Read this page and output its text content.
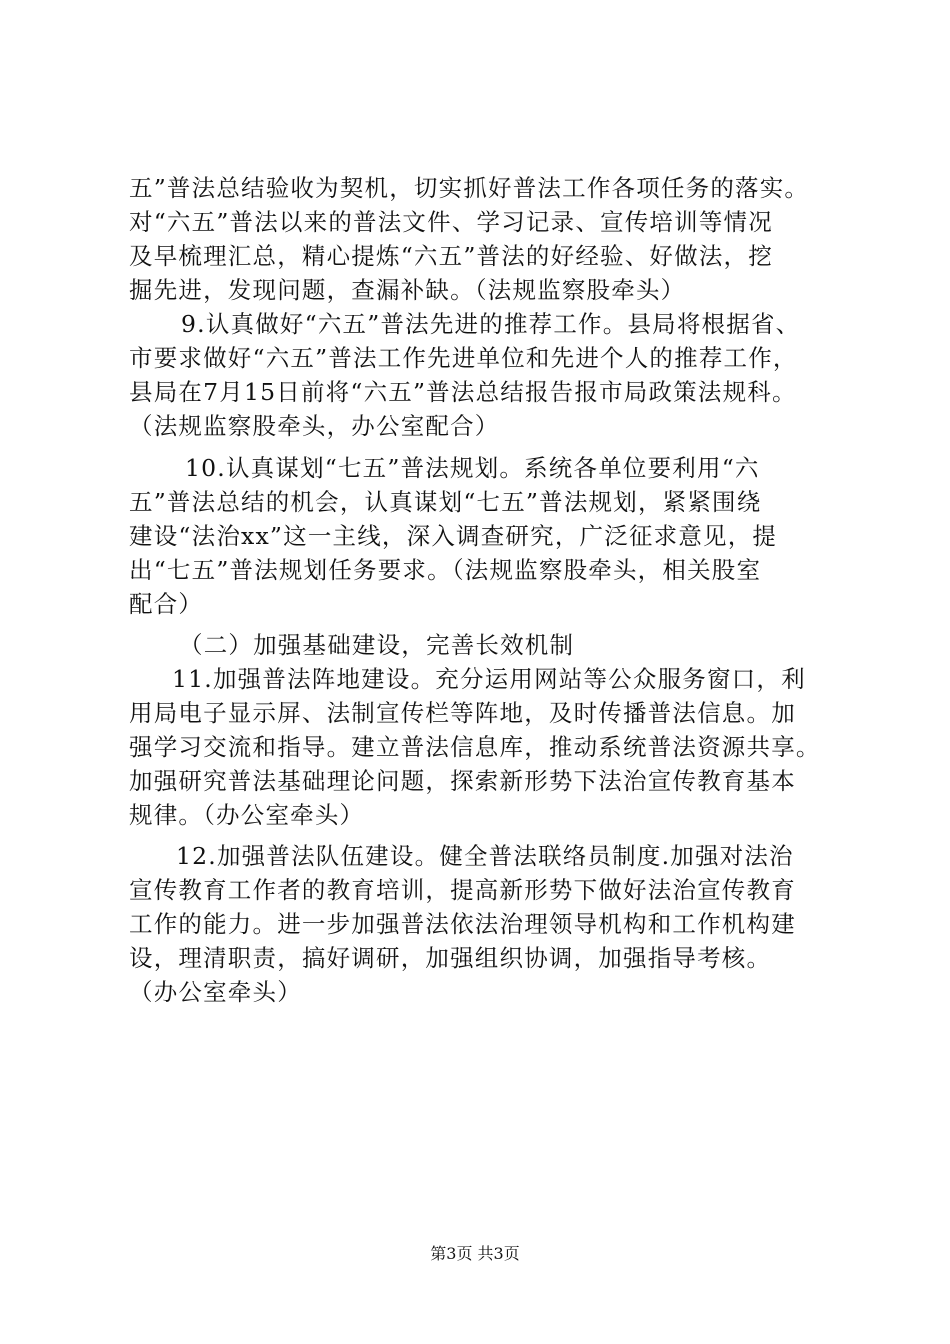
五”普法总结验收为契机，切实抓好普法工作各项任务的落实。
对“六五”普法以来的普法文件、学习记录、宣传培训等情况
及早梳理汇总，精心提炼“六五”普法的好经验、好做法，挖
掘先进，发现问题，查漏补缺。（法规监察股牵头）
9.认真做好“六五”普法先进的推荐工作。县局将根据省、
市要求做好“六五”普法工作先进单位和先进个人的推荐工作，
县局在7月15日前将“六五”普法总结报告报市局政策法规科。
（法规监察股牵头，办公室配合）
10.认真谋划“七五”普法规划。系统各单位要利用“六
五”普法总结的机会，认真谋划“七五”普法规划，紧紧围绕
建设“法治xx”这一主线，深入调查研究，广泛征求意见，提
出“七五”普法规划任务要求。（法规监察股牵头，相关股室
配合）
（二）加强基础建设，完善长效机制
11.加强普法阵地建设。充分运用网站等公众服务窗口，利
用局电子显示屏、法制宣传栏等阵地，及时传播普法信息。加
强学习交流和指导。建立普法信息库，推动系统普法资源共享。
加强研究普法基础理论问题，探索新形势下法治宣传教育基本
规律。（办公室牵头）
12.加强普法队伍建设。健全普法联络员制度.加强对法治
宣传教育工作者的教育培训，提高新形势下做好法治宣传教育
工作的能力。进一步加强普法依法治理领导机构和工作机构建
设，理清职责，搞好调研，加强组织协调，加强指导考核。
（办公室牵头）
第3页 共3页
